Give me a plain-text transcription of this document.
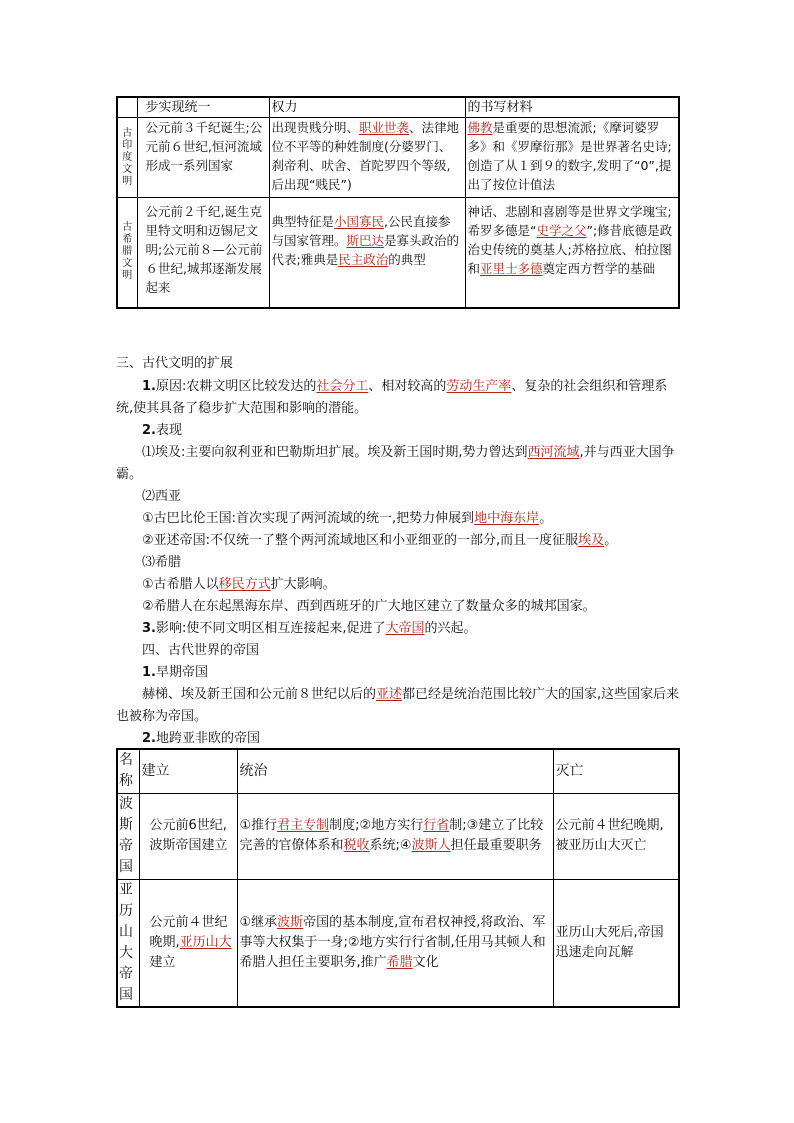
	步实现统一	权力	的书写材料

古印度文明	公元前３千纪诞生;公元前６世纪,恒河流域形成一系列国家	出现贵贱分明、职业世袭、法律地位不平等的种姓制度(分婆罗门、刹帝利、吠舍、首陀罗四个等级,后出现“贱民”)	佛教是重要的思想流派;《摩诃婆罗多》和《罗摩衍那》是世界著名史诗;创造了从１到９的数字,发明了“0”,提出了按位计值法

古希腊文明	公元前２千纪,诞生克里特文明和迈锡尼文明;公元前８—公元前６世纪,城邦逐渐发展起来	典型特征是小国寡民,公民直接参与国家管理。斯巴达是寡头政治的代表;雅典是民主政治的典型	神话、悲剧和喜剧等是世界文学瑰宝;希罗多德是“史学之父”;修昔底德是政治史传统的奠基人;苏格拉底、柏拉图和亚里士多德奠定西方哲学的基础
三、古代文明的扩展
1.原因:农耕文明区比较发达的社会分工、相对较高的劳动生产率、复杂的社会组织和管理系统,使其具备了稳步扩大范围和影响的潜能。
2.表现
⑴埃及:主要向叙利亚和巴勒斯坦扩展。埃及新王国时期,势力曾达到西河流域,并与西亚大国争霸。
⑵西亚
①古巴比伦王国:首次实现了两河流域的统一,把势力伸展到地中海东岸。
②亚述帝国:不仅统一了整个两河流域地区和小亚细亚的一部分,而且一度征服埃及。
⑶希腊
①古希腊人以移民方式扩大影响。
②希腊人在东起黑海东岸、西到西班牙的广大地区建立了数量众多的城邦国家。
3.影响:使不同文明区相互连接起来,促进了大帝国的兴起。
四、古代世界的帝国
1.早期帝国
赫梯、埃及新王国和公元前８世纪以后的亚述都已经是统治范围比较广大的国家,这些国家后来也被称为帝国。
2.地跨亚非欧的帝国
名称	建立	统治	灭亡

波斯帝国	公元前6世纪,波斯帝国建立	①推行君主专制制度;②地方实行行省制;③建立了比较完善的官僚体系和税收系统;④波斯人担任最重要职务	公元前４世纪晚期,被亚历山大灭亡

亚历山大帝国	公元前４世纪晚期,亚历山大建立	①继承波斯帝国的基本制度,宣布君权神授,将政治、军事等大权集于一身;②地方实行行省制,任用马其顿人和希腊人担任主要职务,推广希腊文化	亚历山大死后,帝国迅速走向瓦解
